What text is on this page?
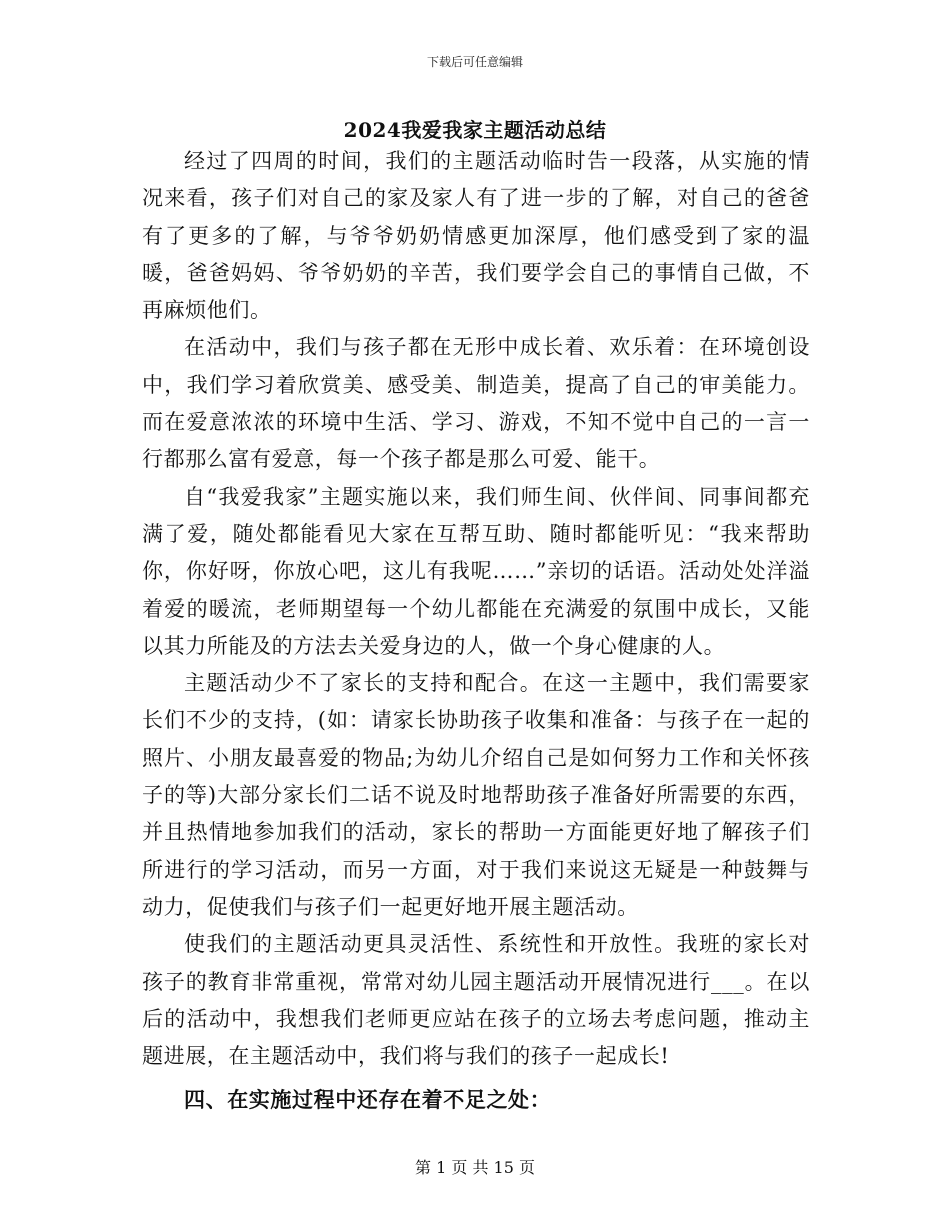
下载后可任意编辑
2024我爱我家主题活动总结

经过了四周的时间，我们的主题活动临时告一段落，从实施的情况来看，孩子们对自己的家及家人有了进一步的了解，对自己的爸爸有了更多的了解，与爷爷奶奶情感更加深厚，他们感受到了家的温暖，爸爸妈妈、爷爷奶奶的辛苦，我们要学会自己的事情自己做，不再麻烦他们。

在活动中，我们与孩子都在无形中成长着、欢乐着：在环境创设中，我们学习着欣赏美、感受美、制造美，提高了自己的审美能力。而在爱意浓浓的环境中生活、学习、游戏，不知不觉中自己的一言一行都那么富有爱意，每一个孩子都是那么可爱、能干。

自“我爱我家”主题实施以来，我们师生间、伙伴间、同事间都充满了爱，随处都能看见大家在互帮互助、随时都能听见：“我来帮助你，你好呀，你放心吧，这儿有我呢……”亲切的话语。活动处处洋溢着爱的暖流，老师期望每一个幼儿都能在充满爱的氛围中成长，又能以其力所能及的方法去关爱身边的人，做一个身心健康的人。

主题活动少不了家长的支持和配合。在这一主题中，我们需要家长们不少的支持，(如：请家长协助孩子收集和准备：与孩子在一起的照片、小朋友最喜爱的物品;为幼儿介绍自己是如何努力工作和关怀孩子的等)大部分家长们二话不说及时地帮助孩子准备好所需要的东西，并且热情地参加我们的活动，家长的帮助一方面能更好地了解孩子们所进行的学习活动，而另一方面，对于我们来说这无疑是一种鼓舞与动力，促使我们与孩子们一起更好地开展主题活动。

使我们的主题活动更具灵活性、系统性和开放性。我班的家长对孩子的教育非常重视，常常对幼儿园主题活动开展情况进行___。在以后的活动中，我想我们老师更应站在孩子的立场去考虑问题，推动主题进展，在主题活动中，我们将与我们的孩子一起成长!

四、在实施过程中还存在着不足之处：

第 1 页 共 15 页
